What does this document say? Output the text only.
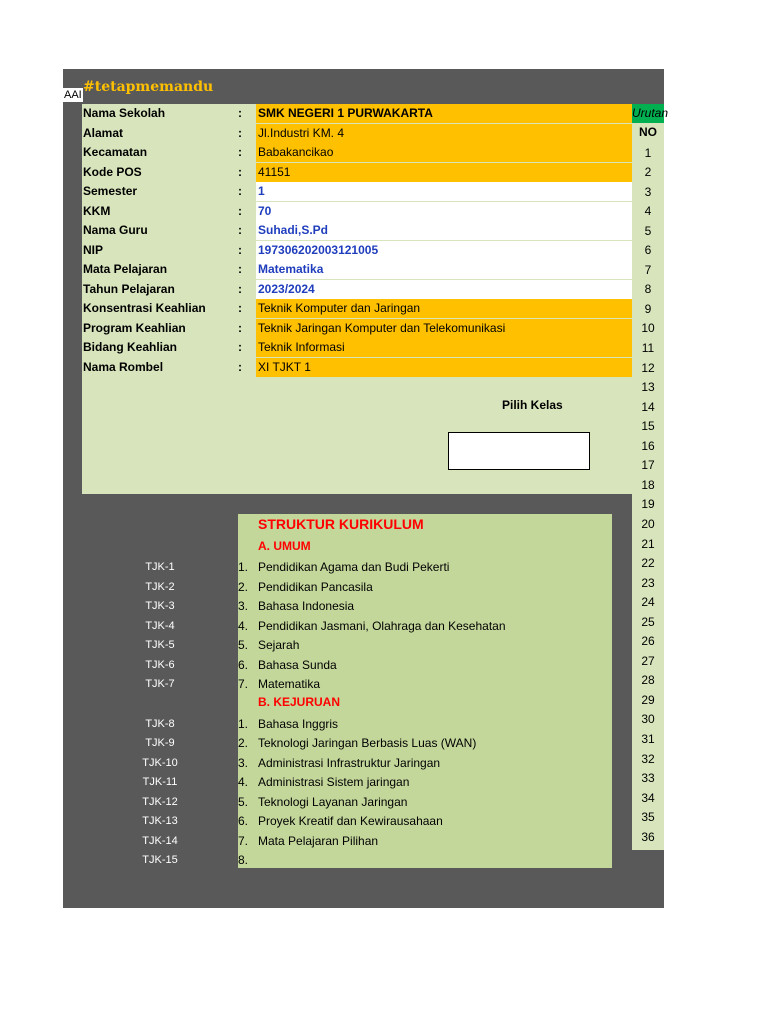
AAI #tetapmemandu
Nama Sekolah	: SMK NEGERI 1 PURWAKARTA
Alamat	: Jl.Industri KM. 4
Kecamatan	: Babakancikao
Kode POS	: 41151
Semester	: 1
KKM	: 70
Nama Guru	: Suhadi,S.Pd
NIP	: 197306202003121005
Mata Pelajaran	: Matematika
Tahun Pelajaran	: 2023/2024
Konsentrasi Keahlian	: Teknik Komputer dan Jaringan
Program Keahlian	: Teknik Jaringan Komputer dan Telekomunikasi
Bidang Keahlian	: Teknik Informasi
Nama Rombel	: XI TJKT 1
Pilih Kelas
Urutan
NO
1
2
3
4
5
6
7
8
9
10
11
12
13
14
15
16
17
18
19
20
21
22
23
24
25
26
27
28
29
30
31
32
33
34
35
36
STRUKTUR KURIKULUM
A. UMUM
B. KEJURUAN
TJK-1	1. Pendidikan Agama dan Budi Pekerti
TJK-2	2. Pendidikan Pancasila
TJK-3	3. Bahasa Indonesia
TJK-4	4. Pendidikan Jasmani, Olahraga dan Kesehatan
TJK-5	5. Sejarah
TJK-6	6. Bahasa Sunda
TJK-7	7. Matematika
TJK-8	1. Bahasa Inggris
TJK-9	2. Teknologi Jaringan Berbasis Luas (WAN)
TJK-10	3. Administrasi Infrastruktur Jaringan
TJK-11	4. Administrasi Sistem jaringan
TJK-12	5. Teknologi Layanan Jaringan
TJK-13	6. Proyek Kreatif dan Kewirausahaan
TJK-14	7. Mata Pelajaran Pilihan
TJK-15	8.
